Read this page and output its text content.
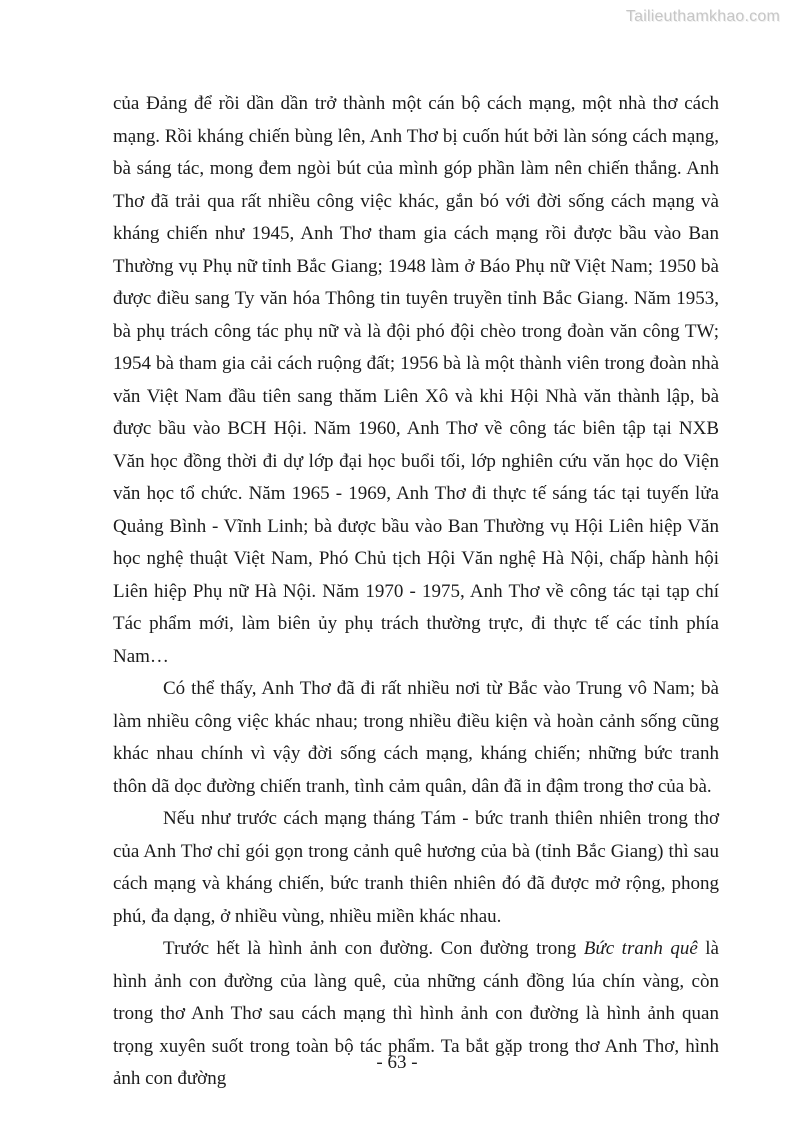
Tailieuthamkhao.com

của Đảng để rồi dần dần trở thành một cán bộ cách mạng, một nhà thơ cách mạng. Rồi kháng chiến bùng lên, Anh Thơ bị cuốn hút bởi làn sóng cách mạng, bà sáng tác, mong đem ngòi bút của mình góp phần làm nên chiến thắng. Anh Thơ đã trải qua rất nhiều công việc khác, gắn bó với đời sống cách mạng và kháng chiến như 1945, Anh Thơ tham gia cách mạng rồi được bầu vào Ban Thường vụ Phụ nữ tỉnh Bắc Giang; 1948 làm ở Báo Phụ nữ Việt Nam; 1950 bà được điều sang Ty văn hóa Thông tin tuyên truyền tỉnh Bắc Giang. Năm 1953, bà phụ trách công tác phụ nữ và là đội phó đội chèo trong đoàn văn công TW; 1954 bà tham gia cải cách ruộng đất; 1956 bà là một thành viên trong đoàn nhà văn Việt Nam đầu tiên sang thăm Liên Xô và khi Hội Nhà văn thành lập, bà được bầu vào BCH Hội. Năm 1960, Anh Thơ về công tác biên tập tại NXB Văn học đồng thời đi dự lớp đại học buổi tối, lớp nghiên cứu văn học do Viện văn học tổ chức. Năm 1965 - 1969, Anh Thơ đi thực tế sáng tác tại tuyến lửa Quảng Bình - Vĩnh Linh; bà được bầu vào Ban Thường vụ Hội Liên hiệp Văn học nghệ thuật Việt Nam, Phó Chủ tịch Hội Văn nghệ Hà Nội, chấp hành hội Liên hiệp Phụ nữ Hà Nội. Năm 1970 - 1975, Anh Thơ về công tác tại tạp chí Tác phẩm mới, làm biên ủy phụ trách thường trực, đi thực tế các tỉnh phía Nam…

Có thể thấy, Anh Thơ đã đi rất nhiều nơi từ Bắc vào Trung vô Nam; bà làm nhiều công việc khác nhau; trong nhiều điều kiện và hoàn cảnh sống cũng khác nhau chính vì vậy đời sống cách mạng, kháng chiến; những bức tranh thôn dã dọc đường chiến tranh, tình cảm quân, dân đã in đậm trong thơ của bà.

Nếu như trước cách mạng tháng Tám - bức tranh thiên nhiên trong thơ của Anh Thơ chỉ gói gọn trong cảnh quê hương của bà (tỉnh Bắc Giang) thì sau cách mạng và kháng chiến, bức tranh thiên nhiên đó đã được mở rộng, phong phú, đa dạng, ở nhiều vùng, nhiều miền khác nhau.

Trước hết là hình ảnh con đường. Con đường trong Bức tranh quê là hình ảnh con đường của làng quê, của những cánh đồng lúa chín vàng, còn trong thơ Anh Thơ sau cách mạng thì hình ảnh con đường là hình ảnh quan trọng xuyên suốt trong toàn bộ tác phẩm. Ta bắt gặp trong thơ Anh Thơ, hình ảnh con đường

- 63 -
